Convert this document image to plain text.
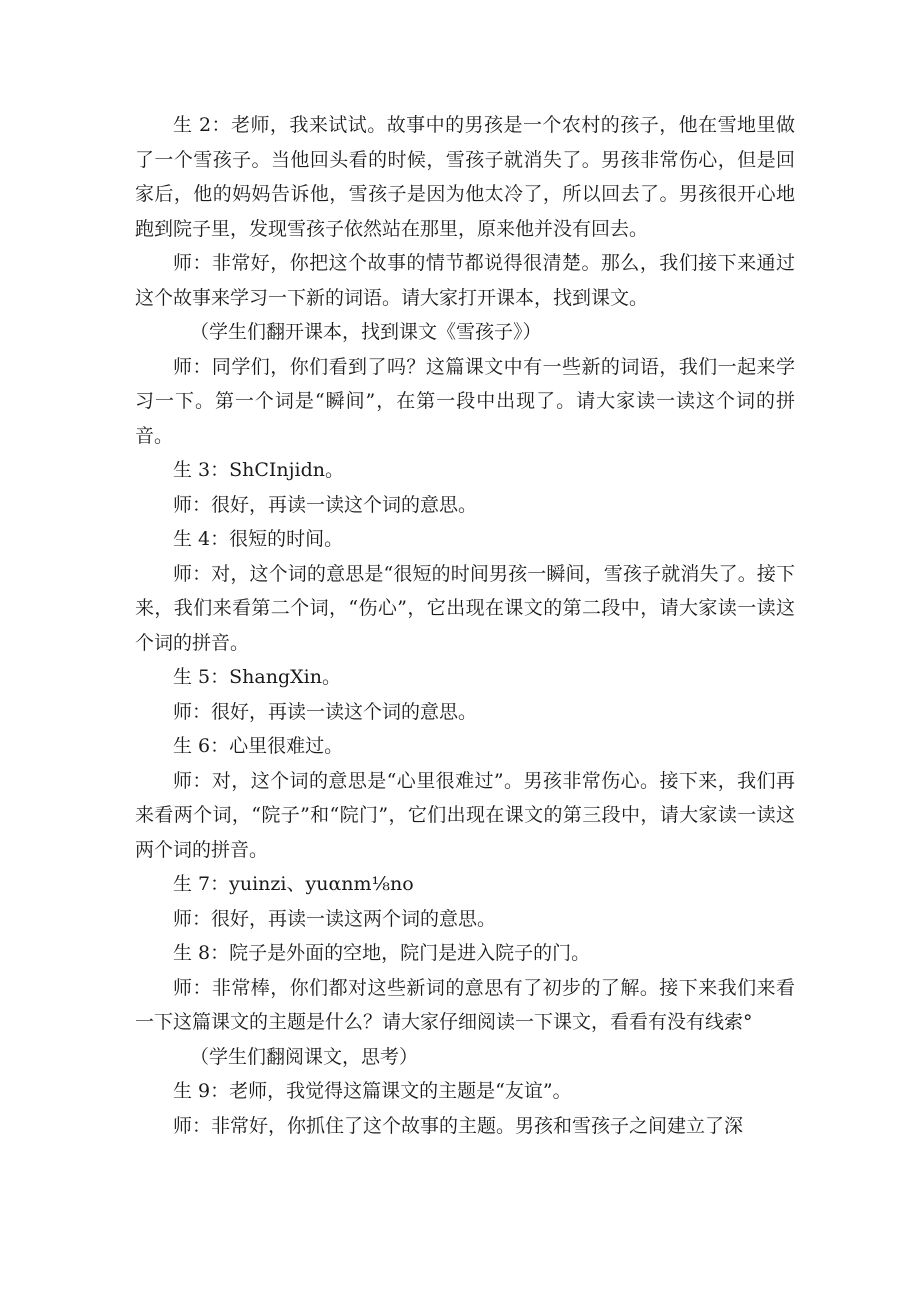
生 2：老师，我来试试。故事中的男孩是一个农村的孩子，他在雪地里做了一个雪孩子。当他回头看的时候，雪孩子就消失了。男孩非常伤心，但是回家后，他的妈妈告诉他，雪孩子是因为他太冷了，所以回去了。男孩很开心地跑到院子里，发现雪孩子依然站在那里，原来他并没有回去。

师：非常好，你把这个故事的情节都说得很清楚。那么，我们接下来通过这个故事来学习一下新的词语。请大家打开课本，找到课文。

（学生们翻开课本，找到课文《雪孩子》）

师：同学们，你们看到了吗？这篇课文中有一些新的词语，我们一起来学习一下。第一个词是“瞬间”，在第一段中出现了。请大家读一读这个词的拼音。

生 3：ShCInjidn。

师：很好，再读一读这个词的意思。

生 4：很短的时间。

师：对，这个词的意思是“很短的时间男孩一瞬间，雪孩子就消失了。接下来，我们来看第二个词，“伤心”，它出现在课文的第二段中，请大家读一读这个词的拼音。

生 5：ShangXin。

师：很好，再读一读这个词的意思。

生 6：心里很难过。

师：对，这个词的意思是“心里很难过”。男孩非常伤心。接下来，我们再来看两个词，“院子”和“院门”，它们出现在课文的第三段中，请大家读一读这两个词的拼音。

生 7：yuinzi、yuαnm⅛no

师：很好，再读一读这两个词的意思。

生 8：院子是外面的空地，院门是进入院子的门。

师：非常棒，你们都对这些新词的意思有了初步的了解。接下来我们来看一下这篇课文的主题是什么？请大家仔细阅读一下课文，看看有没有线索°

（学生们翻阅课文，思考）

生 9：老师，我觉得这篇课文的主题是“友谊”。

师：非常好，你抓住了这个故事的主题。男孩和雪孩子之间建立了深
